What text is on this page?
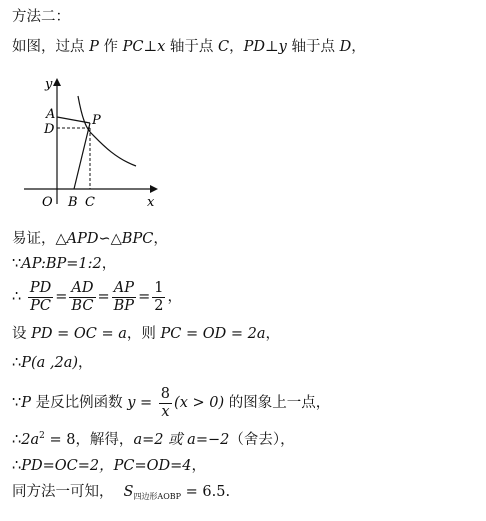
方法二：
如图，过点 P 作 PC⊥x 轴于点 C，PD⊥y 轴于点 D，
y
A
D
P
O B C	x
易证，△APD∽△BPC，
∵AP:BP=1:2，
∴ $\frac{PD}{PC} = \frac{AD}{BC} = \frac{AP}{BP} = \frac{1}{2}$ ，
设 PD = OC = a，则 PC = OD = 2a，
∴P(a ,2a)，
∵P 是反比例函数 $y = \frac{8}{x} (x > 0)$ 的图象上一点，
$\therefore 2a^2 = 8$，解得，a=2 或 a=−2（舍去），
∴PD=OC=2，PC=OD=4，
同方法一可知， $S_{四边形AOBP} = 6.5$.
